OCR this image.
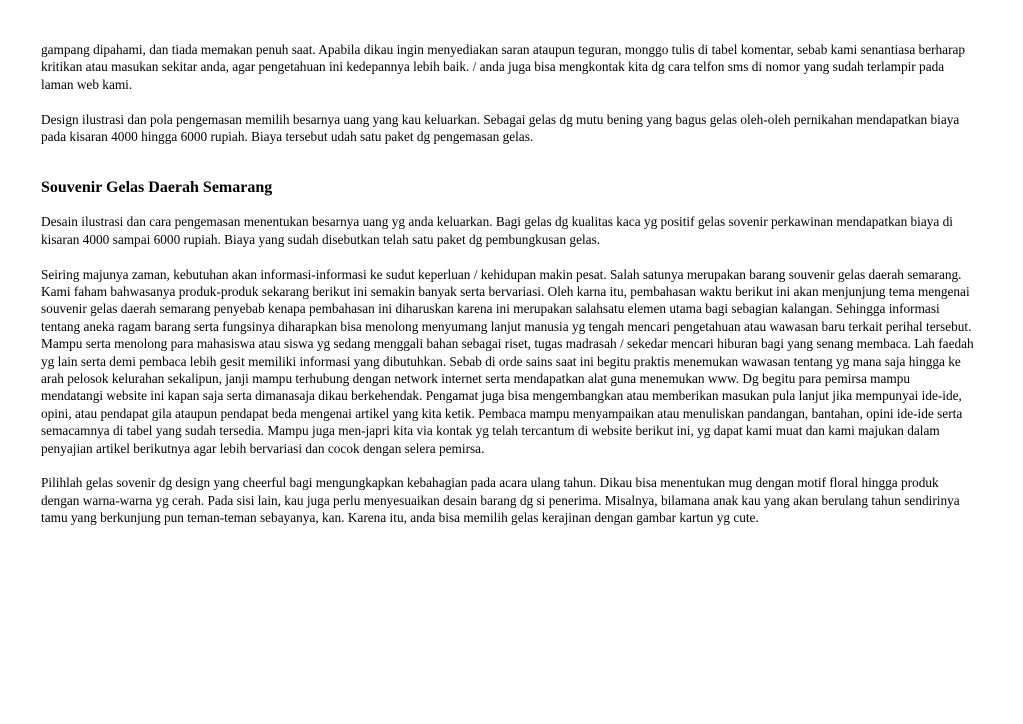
gampang dipahami, dan tiada memakan penuh saat. Apabila dikau ingin menyediakan saran ataupun teguran, monggo tulis di tabel komentar, sebab kami senantiasa berharap kritikan atau masukan sekitar anda, agar pengetahuan ini kedepannya lebih baik. / anda juga bisa mengkontak kita dg cara telfon sms di nomor yang sudah terlampir pada laman web kami.

Design ilustrasi dan pola pengemasan memilih besarnya uang yang kau keluarkan. Sebagai gelas dg mutu bening yang bagus gelas oleh-oleh pernikahan mendapatkan biaya pada kisaran 4000 hingga 6000 rupiah. Biaya tersebut udah satu paket dg pengemasan gelas.

Souvenir Gelas Daerah Semarang

Desain ilustrasi dan cara pengemasan menentukan besarnya uang yg anda keluarkan. Bagi gelas dg kualitas kaca yg positif gelas sovenir perkawinan mendapatkan biaya di kisaran 4000 sampai 6000 rupiah. Biaya yang sudah disebutkan telah satu paket dg pembungkusan gelas.

Seiring majunya zaman, kebutuhan akan informasi-informasi ke sudut keperluan / kehidupan makin pesat. Salah satunya merupakan barang souvenir gelas daerah semarang. Kami faham bahwasanya produk-produk sekarang berikut ini semakin banyak serta bervariasi. Oleh karna itu, pembahasan waktu berikut ini akan menjunjung tema mengenai souvenir gelas daerah semarang penyebab kenapa pembahasan ini diharuskan karena ini merupakan salahsatu elemen utama bagi sebagian kalangan. Sehingga informasi tentang aneka ragam barang serta fungsinya diharapkan bisa menolong menyumang lanjut manusia yg tengah mencari pengetahuan atau wawasan baru terkait perihal tersebut. Mampu serta menolong para mahasiswa atau siswa yg sedang menggali bahan sebagai riset, tugas madrasah / sekedar mencari hiburan bagi yang senang membaca. Lah faedah yg lain serta demi pembaca lebih gesit memiliki informasi yang dibutuhkan. Sebab di orde sains saat ini begitu praktis menemukan wawasan tentang yg mana saja hingga ke arah pelosok kelurahan sekalipun, janji mampu terhubung dengan network internet serta mendapatkan alat guna menemukan www. Dg begitu para pemirsa mampu mendatangi website ini kapan saja serta dimanasaja dikau berkehendak. Pengamat juga bisa mengembangkan atau memberikan masukan pula lanjut jika mempunyai ide-ide, opini, atau pendapat gila ataupun pendapat beda mengenai artikel yang kita ketik. Pembaca mampu menyampaikan atau menuliskan pandangan, bantahan, opini ide-ide serta semacamnya di tabel yang sudah tersedia. Mampu juga men-japri kita via kontak yg telah tercantum di website berikut ini, yg dapat kami muat dan kami majukan dalam penyajian artikel berikutnya agar lebih bervariasi dan cocok dengan selera pemirsa.

Pilihlah gelas sovenir dg design yang cheerful bagi mengungkapkan kebahagian pada acara ulang tahun. Dikau bisa menentukan mug dengan motif floral hingga produk dengan warna-warna yg cerah. Pada sisi lain, kau juga perlu menyesuaikan desain barang dg si penerima. Misalnya, bilamana anak kau yang akan berulang tahun sendirinya tamu yang berkunjung pun teman-teman sebayanya, kan. Karena itu, anda bisa memilih gelas kerajinan dengan gambar kartun yg cute.
